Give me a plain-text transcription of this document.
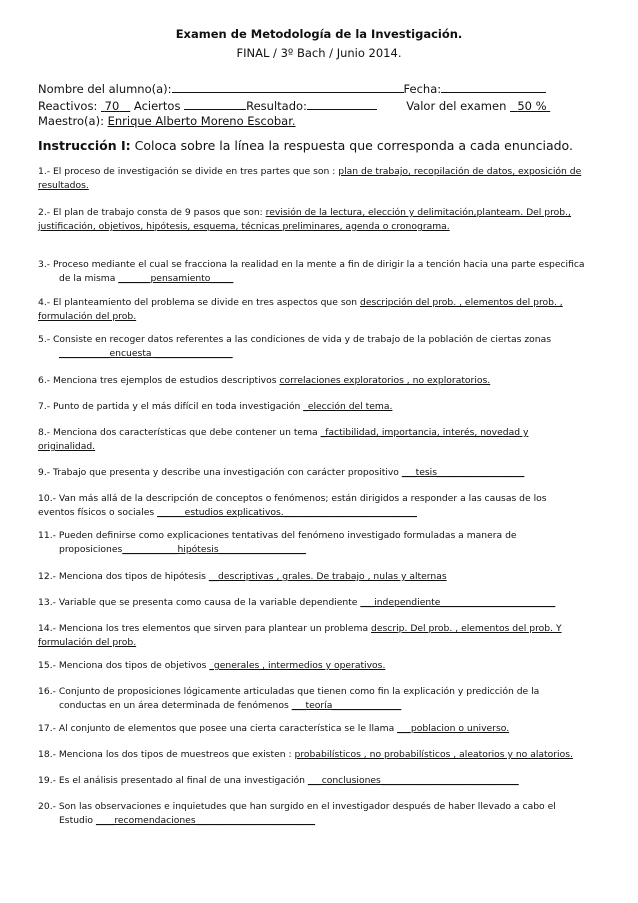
Examen de Metodología de la Investigación.
FINAL / 3º Bach / Junio 2014.
Nombre del alumno(a):	Fecha:
Reactivos: 70 Aciertos	Resultado:	Valor del examen 50 %
Maestro(a): Enrique Alberto Moreno Escobar.
Instrucción I: Coloca sobre la línea la respuesta que corresponda a cada enunciado.
1.- El proceso de investigación se divide en tres partes que son : plan de trabajo, recopilación de datos, exposición de
resultados.
2.- El plan de trabajo consta de 9 pasos que son: revisión de la lectura, elección y delimitación,planteam. Del prob.,
justificación, objetivos, hipótesis, esquema, técnicas preliminares, agenda o cronograma.
3.- Proceso mediante el cual se fracciona la realidad en la mente a fin de dirigir la a tención hacia una parte especifica
de la misma _______pensamiento_____
4.- El planteamiento del problema se divide en tres aspectos que son descripción del prob. , elementos del prob. ,
formulación del prob.
5.- Consiste en recoger datos referentes a las condiciones de vida y de trabajo de la población de ciertas zonas
___________encuesta _________________
6.- Menciona tres ejemplos de estudios descriptivos correlaciones exploratorios , no exploratorios.
7.- Punto de partida y el más difícil en toda investigación _elección del tema.
8.- Menciona dos características que debe contener un tema _factibilidad, importancia, interés, novedad y
originalidad.
9.- Trabajo que presenta y describe una investigación con carácter propositivo ___tesis___________________
10.- Van más allá de la descripción de conceptos o fenómenos; están dirigidos a responder a las causas de los
eventos físicos o sociales ______estudios explicativos._____________________________
11.- Pueden definirse como explicaciones tentativas del fenómeno investigado formuladas a manera de
proposiciones____________hipótesis___________________
12.- Menciona dos tipos de hipótesis __descriptivas , grales. De trabajo , nulas y alternas
13.- Variable que se presenta como causa de la variable dependiente ___independiente_________________________
14.- Menciona los tres elementos que sirven para plantear un problema descrip. Del prob. , elementos del prob. Y
formulación del prob.
15.- Menciona dos tipos de objetivos _generales , intermedios y operativos.
16.- Conjunto de proposiciones lógicamente articuladas que tienen como fin la explicación y predicción de la
conductas en un área determinada de fenómenos ___teoría_______________
17.- Al conjunto de elementos que posee una cierta característica se le llama ___poblacion o universo.
18.- Menciona los dos tipos de muestreos que existen : probabilísticos , no probabilísticos , aleatorios y no alatorios.
19.- Es el análisis presentado al final de una investigación ___conclusiones______________________________
20.- Son las observaciones e inquietudes que han surgido en el investigador después de haber llevado a cabo el
Estudio ____recomendaciones__________________________
